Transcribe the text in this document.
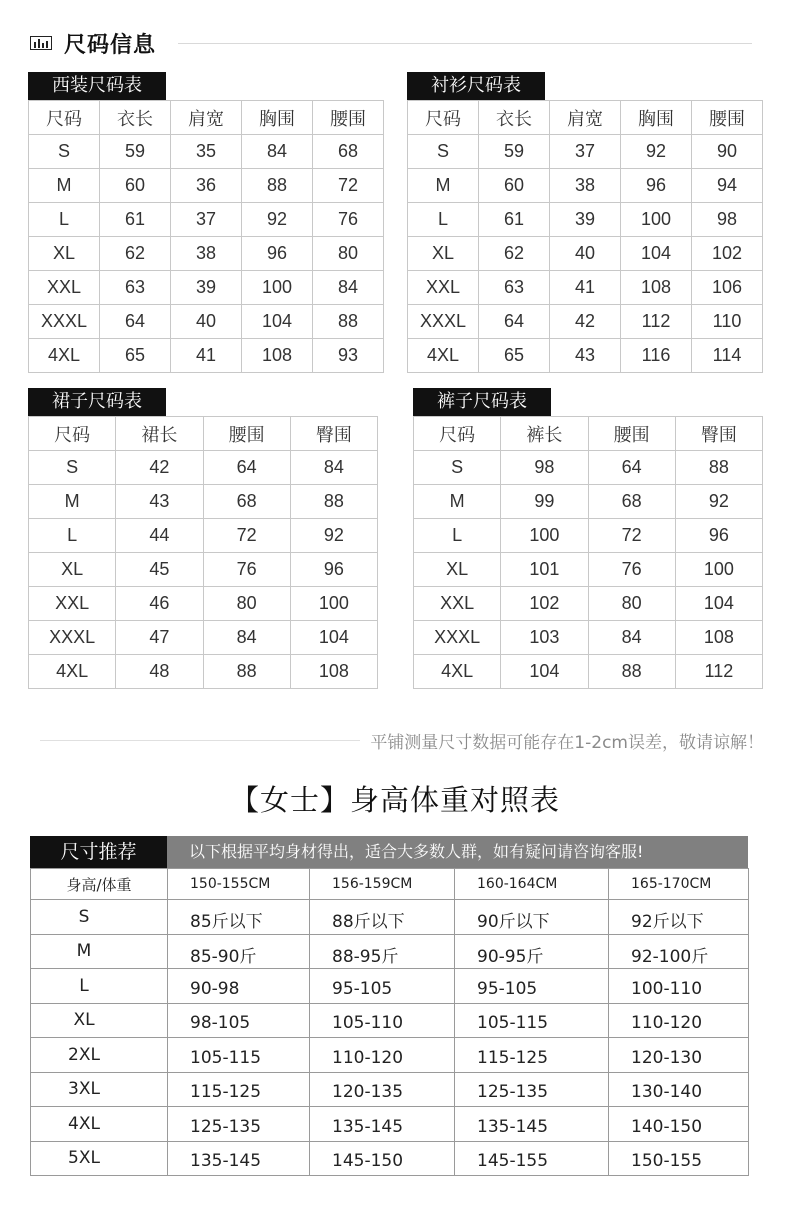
尺码信息
西装尺码表
尺码	衣长	肩宽	胸围	腰围
S	59	35	84	68
M	60	36	88	72
L	61	37	92	76
XL	62	38	96	80
XXL	63	39	100	84
XXXL	64	40	104	88
4XL	65	41	108	93
衬衫尺码表
尺码	衣长	肩宽	胸围	腰围
S	59	37	92	90
M	60	38	96	94
L	61	39	100	98
XL	62	40	104	102
XXL	63	41	108	106
XXXL	64	42	112	110
4XL	65	43	116	114
裙子尺码表
尺码	裙长	腰围	臀围
S	42	64	84
M	43	68	88
L	44	72	92
XL	45	76	96
XXL	46	80	100
XXXL	47	84	104
4XL	48	88	108
裤子尺码表
尺码	裤长	腰围	臀围
S	98	64	88
M	99	68	92
L	100	72	96
XL	101	76	100
XXL	102	80	104
XXXL	103	84	108
4XL	104	88	112
平铺测量尺寸数据可能存在1-2cm误差，敬请谅解！
【女士】身高体重对照表
尺寸推荐	以下根据平均身材得出，适合大多数人群，如有疑问请咨询客服!
身高/体重	150-155CM	156-159CM	160-164CM	165-170CM
S	85斤以下	88斤以下	90斤以下	92斤以下
M	85-90斤	88-95斤	90-95斤	92-100斤
L	90-98	95-105	95-105	100-110
XL	98-105	105-110	105-115	110-120
2XL	105-115	110-120	115-125	120-130
3XL	115-125	120-135	125-135	130-140
4XL	125-135	135-145	135-145	140-150
5XL	135-145	145-150	145-155	150-155
